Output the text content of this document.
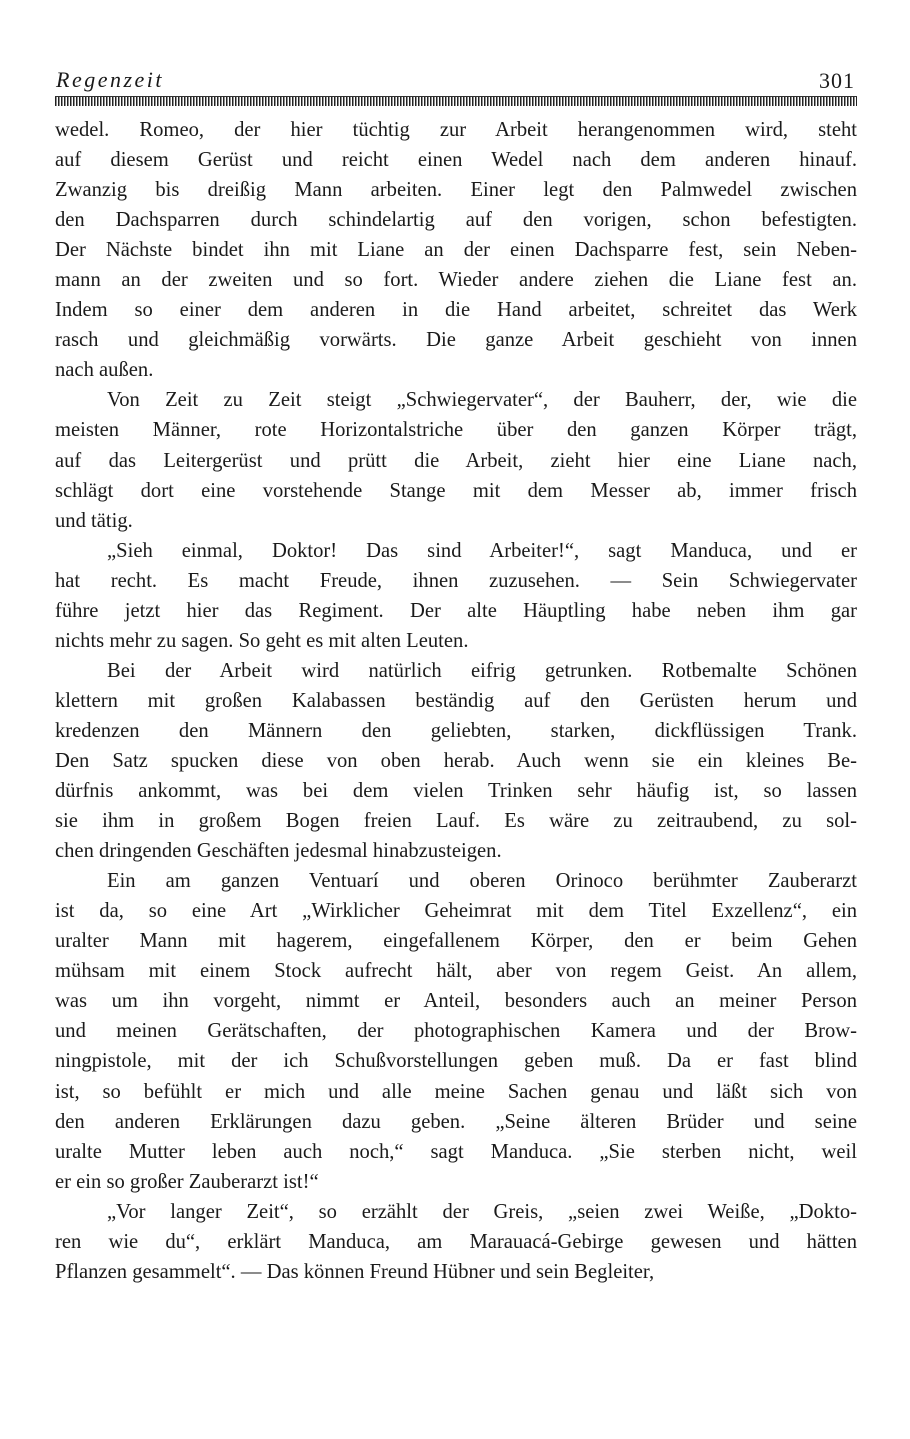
Regenzeit	301
wedel. Romeo, der hier tüchtig zur Arbeit herangenommen wird, steht
auf diesem Gerüst und reicht einen Wedel nach dem anderen hinauf.
Zwanzig bis dreißig Mann arbeiten. Einer legt den Palmwedel zwischen
den Dachsparren durch schindelartig auf den vorigen, schon befestigten.
Der Nächste bindet ihn mit Liane an der einen Dachsparre fest, sein Neben-
mann an der zweiten und so fort. Wieder andere ziehen die Liane fest an.
Indem so einer dem anderen in die Hand arbeitet, schreitet das Werk
rasch und gleichmäßig vorwärts. Die ganze Arbeit geschieht von innen
nach außen.
Von Zeit zu Zeit steigt „Schwiegervater“, der Bauherr, der, wie die
meisten Männer, rote Horizontalstriche über den ganzen Körper trägt,
auf das Leitergerüst und prütt die Arbeit, zieht hier eine Liane nach,
schlägt dort eine vorstehende Stange mit dem Messer ab, immer frisch
und tätig.
„Sieh einmal, Doktor! Das sind Arbeiter!“, sagt Manduca, und er
hat recht. Es macht Freude, ihnen zuzusehen. — Sein Schwiegervater
führe jetzt hier das Regiment. Der alte Häuptling habe neben ihm gar
nichts mehr zu sagen. So geht es mit alten Leuten.
Bei der Arbeit wird natürlich eifrig getrunken. Rotbemalte Schönen
klettern mit großen Kalabassen beständig auf den Gerüsten herum und
kredenzen den Männern den geliebten, starken, dickflüssigen Trank.
Den Satz spucken diese von oben herab. Auch wenn sie ein kleines Be-
dürfnis ankommt, was bei dem vielen Trinken sehr häufig ist, so lassen
sie ihm in großem Bogen freien Lauf. Es wäre zu zeitraubend, zu sol-
chen dringenden Geschäften jedesmal hinabzusteigen.
Ein am ganzen Ventuarí und oberen Orinoco berühmter Zauberarzt
ist da, so eine Art „Wirklicher Geheimrat mit dem Titel Exzellenz“, ein
uralter Mann mit hagerem, eingefallenem Körper, den er beim Gehen
mühsam mit einem Stock aufrecht hält, aber von regem Geist. An allem,
was um ihn vorgeht, nimmt er Anteil, besonders auch an meiner Person
und meinen Gerätschaften, der photographischen Kamera und der Brow-
ningpistole, mit der ich Schußvorstellungen geben muß. Da er fast blind
ist, so befühlt er mich und alle meine Sachen genau und läßt sich von
den anderen Erklärungen dazu geben. „Seine älteren Brüder und seine
uralte Mutter leben auch noch,“ sagt Manduca. „Sie sterben nicht, weil
er ein so großer Zauberarzt ist!“
„Vor langer Zeit“, so erzählt der Greis, „seien zwei Weiße, „Dokto-
ren wie du“, erklärt Manduca, am Marauacá-Gebirge gewesen und hätten
Pflanzen gesammelt“. — Das können Freund Hübner und sein Begleiter,
